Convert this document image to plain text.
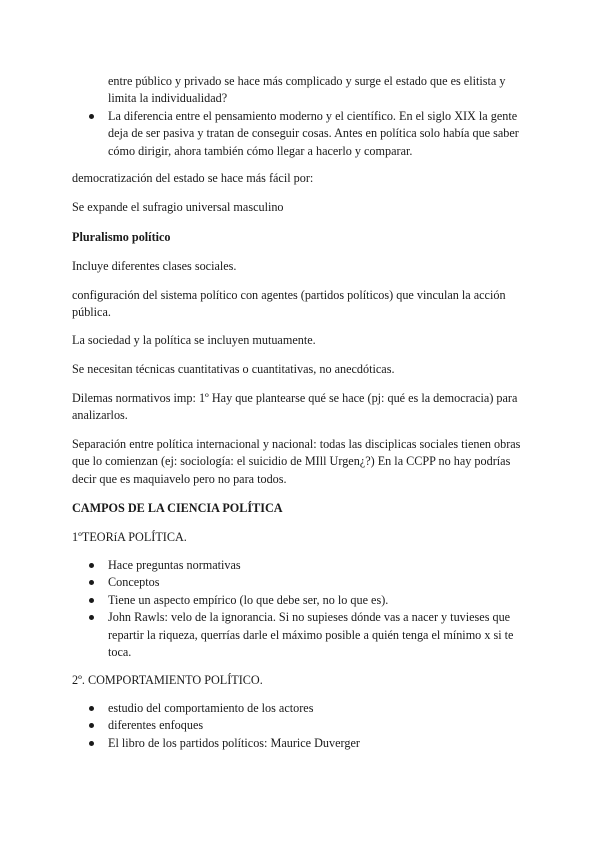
entre público y privado se hace más complicado y surge el estado que es elitista y
limita la individualidad?
La diferencia entre el pensamiento moderno y el científico. En el siglo XIX la gente deja de ser pasiva y tratan de conseguir cosas. Antes en política solo había que saber cómo dirigir, ahora también cómo llegar a hacerlo y comparar.

democratización del estado se hace más fácil por:

Se expande el sufragio universal masculino

Pluralismo político

Incluye diferentes clases sociales.

configuración del sistema político con agentes (partidos políticos) que vinculan la acción pública.

La sociedad y la política se incluyen mutuamente.

Se necesitan técnicas cuantitativas o cuantitativas, no anecdóticas.

Dilemas normativos imp: 1º Hay que plantearse qué se hace (pj: qué es la democracia) para analizarlos.

Separación entre política internacional y nacional: todas las disciplicas sociales tienen obras que lo comienzan (ej: sociología: el suicidio de MIll Urgen¿?) En la CCPP no hay podrías decir que es maquiavelo pero no para todos.

CAMPOS DE LA CIENCIA POLÍTICA

1ºTEORíA POLÍTICA.

Hace preguntas normativas
Conceptos
Tiene un aspecto empírico (lo que debe ser, no lo que es).
John Rawls: velo de la ignorancia. Si no supieses dónde vas a nacer y tuvieses que repartir la riqueza, querrías darle el máximo posible a quién tenga el mínimo x si te toca.

2º. COMPORTAMIENTO POLÍTICO.

estudio del comportamiento de los actores
diferentes enfoques
El libro de los partidos políticos: Maurice Duverger
